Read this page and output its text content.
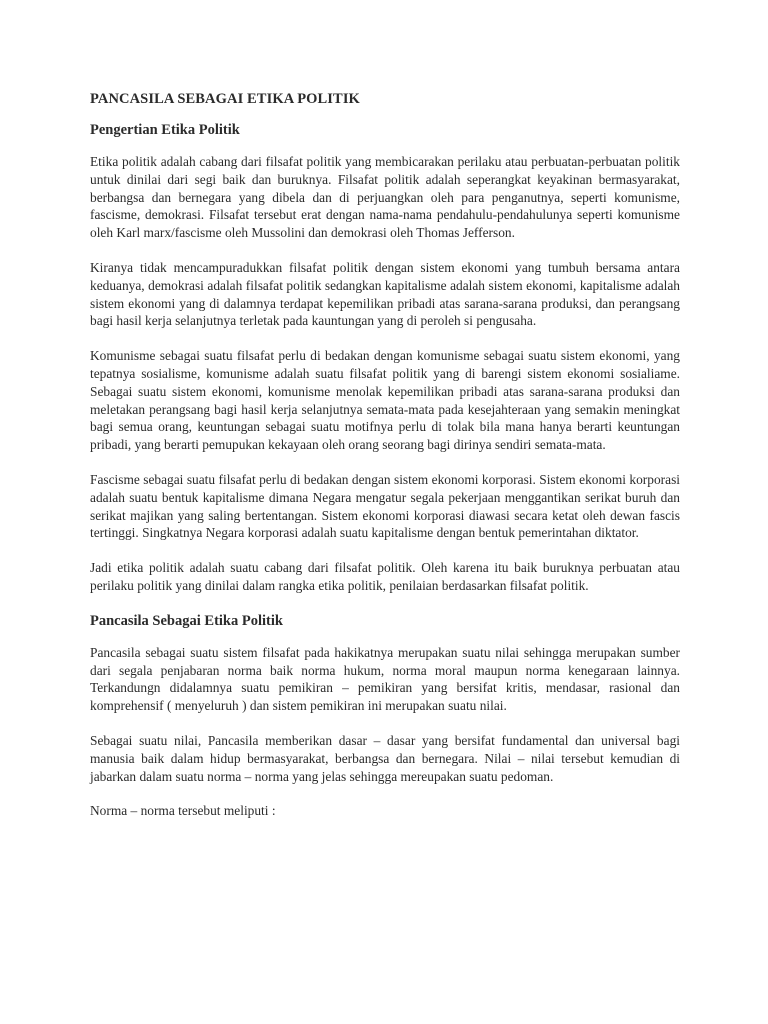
PANCASILA SEBAGAI ETIKA POLITIK
Pengertian Etika Politik

Etika politik adalah cabang dari filsafat politik yang membicarakan perilaku atau perbuatan-perbuatan politik untuk dinilai dari segi baik dan buruknya. Filsafat politik adalah seperangkat keyakinan bermasyarakat, berbangsa dan bernegara yang dibela dan di perjuangkan oleh para penganutnya, seperti komunisme, fascisme, demokrasi. Filsafat tersebut erat dengan nama-nama pendahulu-pendahulunya seperti komunisme oleh Karl marx/fascisme oleh Mussolini dan demokrasi oleh Thomas Jefferson.

Kiranya tidak mencampuradukkan filsafat politik dengan sistem ekonomi yang tumbuh bersama antara keduanya, demokrasi adalah filsafat politik sedangkan kapitalisme adalah sistem ekonomi, kapitalisme adalah sistem ekonomi yang di dalamnya terdapat kepemilikan pribadi atas sarana-sarana produksi, dan perangsang bagi hasil kerja selanjutnya terletak pada kauntungan yang di peroleh si pengusaha.

Komunisme sebagai suatu filsafat perlu di bedakan dengan komunisme sebagai suatu sistem ekonomi, yang tepatnya sosialisme, komunisme adalah suatu filsafat politik yang di barengi sistem ekonomi sosialiame. Sebagai suatu sistem ekonomi, komunisme menolak kepemilikan pribadi atas sarana-sarana produksi dan meletakan perangsang bagi hasil kerja selanjutnya semata-mata pada kesejahteraan yang semakin meningkat bagi semua orang, keuntungan sebagai suatu motifnya perlu di tolak bila mana hanya berarti keuntungan pribadi, yang berarti pemupukan kekayaan oleh orang seorang bagi dirinya sendiri semata-mata.

Fascisme sebagai suatu filsafat perlu di bedakan dengan sistem ekonomi korporasi. Sistem ekonomi korporasi adalah suatu bentuk kapitalisme dimana Negara mengatur segala pekerjaan menggantikan serikat buruh dan serikat majikan yang saling bertentangan. Sistem ekonomi korporasi diawasi secara ketat oleh dewan fascis tertinggi. Singkatnya Negara korporasi adalah suatu kapitalisme dengan bentuk pemerintahan diktator.

Jadi etika politik adalah suatu cabang dari filsafat politik. Oleh karena itu baik buruknya perbuatan atau perilaku politik yang dinilai dalam rangka etika politik, penilaian berdasarkan filsafat politik.

Pancasila Sebagai Etika Politik

Pancasila sebagai suatu sistem filsafat pada hakikatnya merupakan suatu nilai sehingga merupakan sumber dari segala penjabaran norma baik norma hukum, norma moral maupun norma kenegaraan lainnya. Terkandungn didalamnya suatu pemikiran – pemikiran yang bersifat kritis, mendasar, rasional dan komprehensif ( menyeluruh ) dan sistem pemikiran ini merupakan suatu nilai.

Sebagai suatu nilai, Pancasila memberikan dasar – dasar yang bersifat fundamental dan universal bagi manusia baik dalam hidup bermasyarakat, berbangsa dan bernegara. Nilai – nilai tersebut kemudian di jabarkan dalam suatu norma – norma yang jelas sehingga mereupakan suatu pedoman.

Norma – norma tersebut meliputi :
